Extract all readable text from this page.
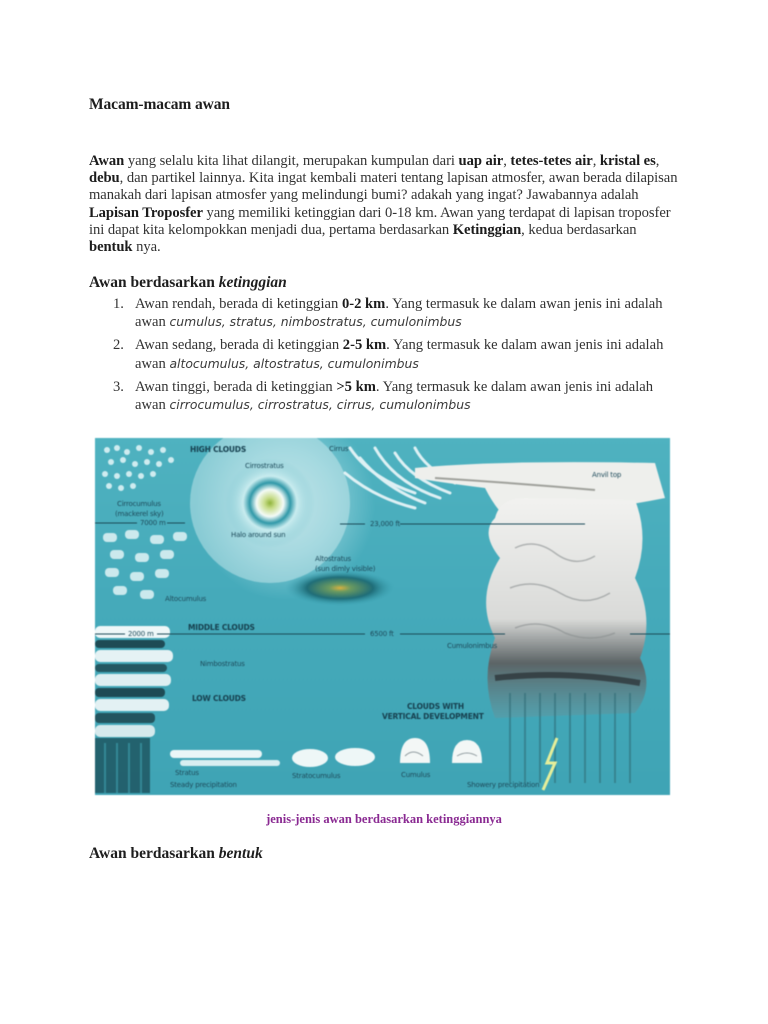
Macam-macam awan

Awan yang selalu kita lihat dilangit, merupakan kumpulan dari uap air, tetes-tetes air, kristal es, debu, dan partikel lainnya. Kita ingat kembali materi tentang lapisan atmosfer, awan berada dilapisan manakah dari lapisan atmosfer yang melindungi bumi? adakah yang ingat? Jawabannya adalah Lapisan Troposfer yang memiliki ketinggian dari 0-18 km. Awan yang terdapat di lapisan troposfer ini dapat kita kelompokkan menjadi dua, pertama berdasarkan Ketinggian, kedua berdasarkan bentuk nya.

Awan berdasarkan ketinggian
1. Awan rendah, berada di ketinggian 0-2 km. Yang termasuk ke dalam awan jenis ini adalah awan cumulus, stratus, nimbostratus, cumulonimbus
2. Awan sedang, berada di ketinggian 2-5 km. Yang termasuk ke dalam awan jenis ini adalah awan altocumulus, altostratus, cumulonimbus
3. Awan tinggi, berada di ketinggian >5 km. Yang termasuk ke dalam awan jenis ini adalah awan cirrocumulus, cirrostratus, cirrus, cumulonimbus
jenis-jenis awan berdasarkan ketinggiannya
Awan berdasarkan bentuk
HIGH CLOUDS	Cirrus
Cirrostratus
Anvil top
Cirrocumulus
(mackerel sky)
7000 m	23,000 ft
Halo around sun
Altostratus
(sun dimly visible)
Altocumulus
MIDDLE CLOUDS
2000 m	6500 ft
Cumulonimbus
Nimbostratus
LOW CLOUDS
CLOUDS WITH
VERTICAL DEVELOPMENT
Stratus	Stratocumulus	Cumulus
Steady precipitation	Showery precipitation
